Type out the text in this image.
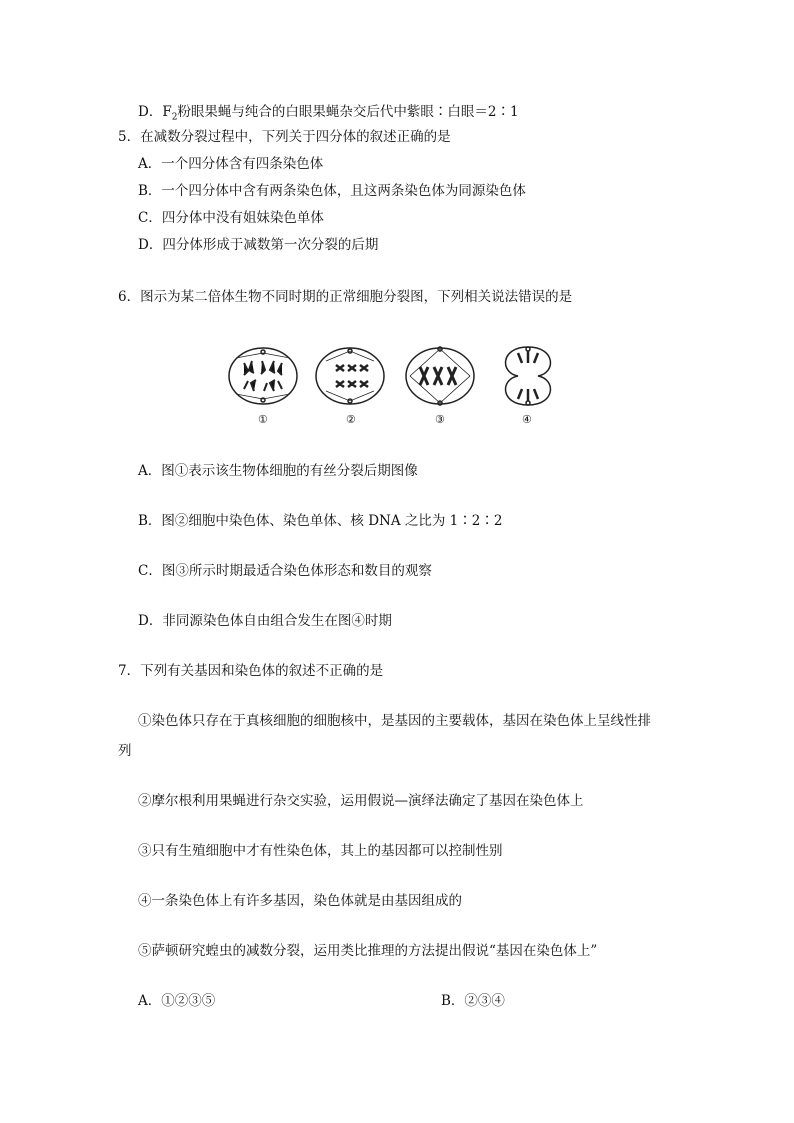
D．$F_2$粉眼果蝇与纯合的白眼果蝇杂交后代中紫眼∶白眼＝2∶1
5．在减数分裂过程中，下列关于四分体的叙述正确的是
A．一个四分体含有四条染色体
B．一个四分体中含有两条染色体，且这两条染色体为同源染色体
C．四分体中没有姐妹染色单体
D．四分体形成于减数第一次分裂的后期
6．图示为某二倍体生物不同时期的正常细胞分裂图，下列相关说法错误的是
①	②	③	④
A．图①表示该生物体细胞的有丝分裂后期图像
B．图②细胞中染色体、染色单体、核 DNA 之比为 1∶2∶2
C．图③所示时期最适合染色体形态和数目的观察
D．非同源染色体自由组合发生在图④时期
7．下列有关基因和染色体的叙述不正确的是
①染色体只存在于真核细胞的细胞核中，是基因的主要载体，基因在染色体上呈线性排
列
②摩尔根利用果蝇进行杂交实验，运用假说—演绎法确定了基因在染色体上
③只有生殖细胞中才有性染色体，其上的基因都可以控制性别
④一条染色体上有许多基因，染色体就是由基因组成的
⑤萨顿研究蝗虫的减数分裂，运用类比推理的方法提出假说“基因在染色体上”
A．①②③⑤	B．②③④
